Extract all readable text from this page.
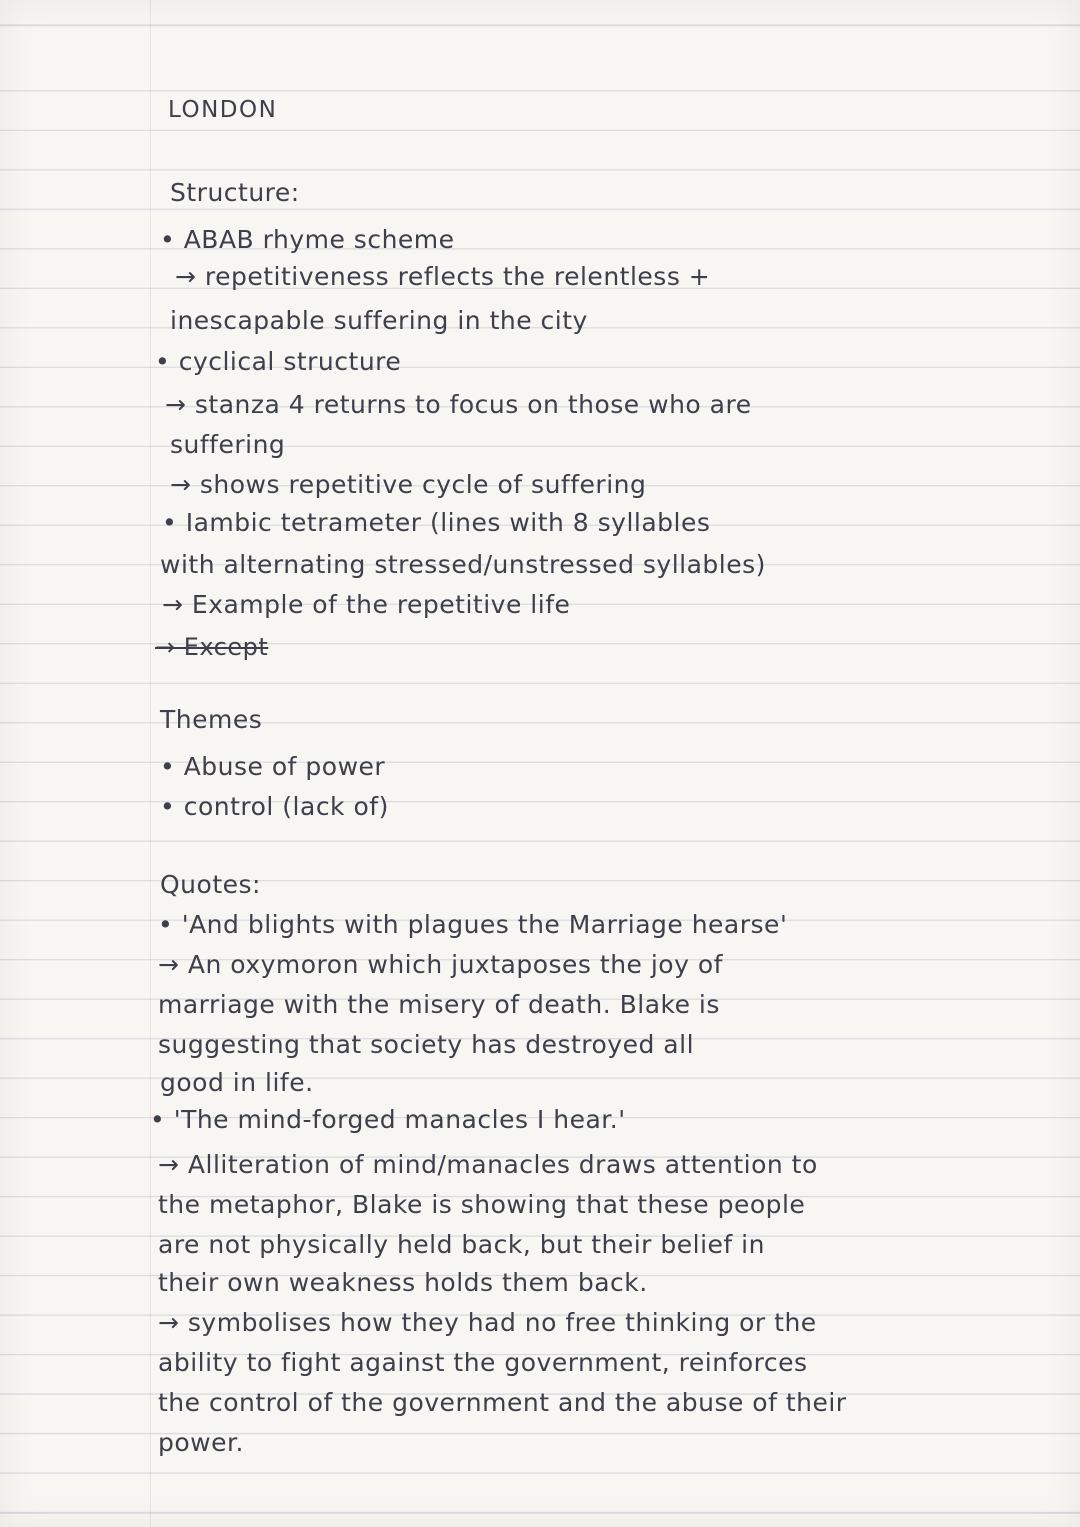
LONDON
Structure:
• ABAB rhyme scheme
→ repetitiveness reflects the relentless +
inescapable suffering in the city
• cyclical structure
→ stanza 4 returns to focus on those who are
suffering
→ shows repetitive cycle of suffering
• Iambic tetrameter (lines with 8 syllables
with alternating stressed/unstressed syllables)
→ Example of the repetitive life
→ Except
Themes
• Abuse of power
• control (lack of)
Quotes:
• 'And blights with plagues the Marriage hearse'
→ An oxymoron which juxtaposes the joy of
marriage with the misery of death. Blake is
suggesting that society has destroyed all
good in life.
• 'The mind-forged manacles I hear.'
→ Alliteration of mind/manacles draws attention to
the metaphor, Blake is showing that these people
are not physically held back, but their belief in
their own weakness holds them back.
→ symbolises how they had no free thinking or the
ability to fight against the government, reinforces
the control of the government and the abuse of their
power.
